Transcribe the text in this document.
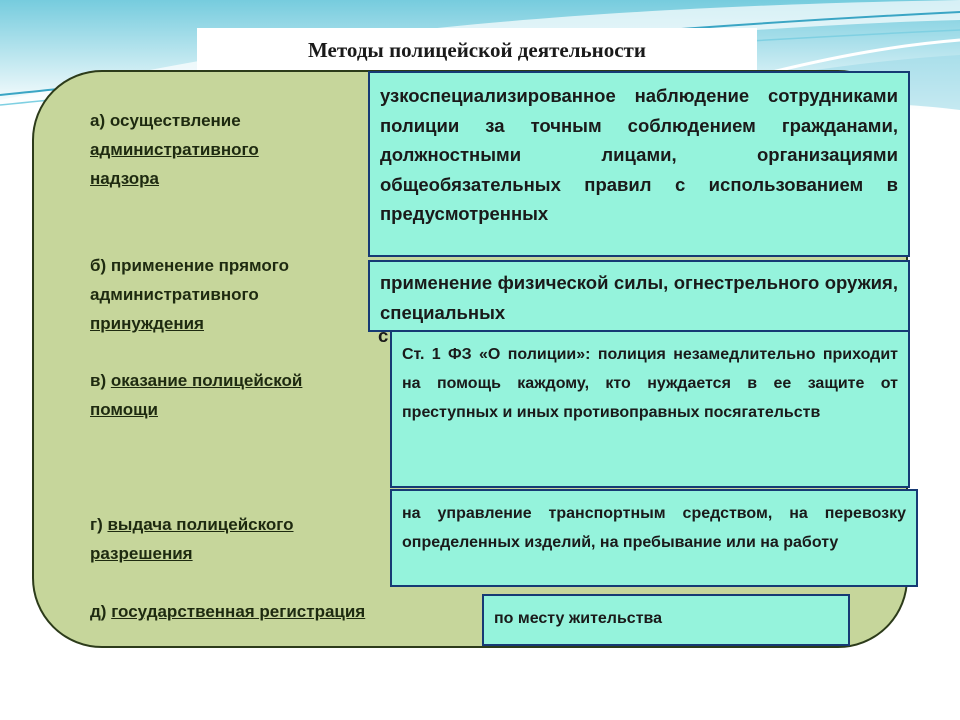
Методы полицейской деятельности
а) осуществление
административного
надзора
б) применение прямого
административного
принуждения
в) оказание полицейской
помощи
г) выдача полицейского
разрешения
д) государственная регистрация
узкоспециализированное наблюдение сотрудниками полиции за точным соблюдением гражданами, должностными лицами, организациями общеобязательных правил с использованием в предусмотренных
применение физической силы, огнестрельного оружия, специальных
с
Ст. 1 ФЗ «О полиции»: полиция незамедлительно приходит на помощь каждому, кто нуждается в ее защите от преступных и иных противоправных посягательств
на управление транспортным средством, на перевозку определенных изделий, на пребывание или на работу
по месту жительства
